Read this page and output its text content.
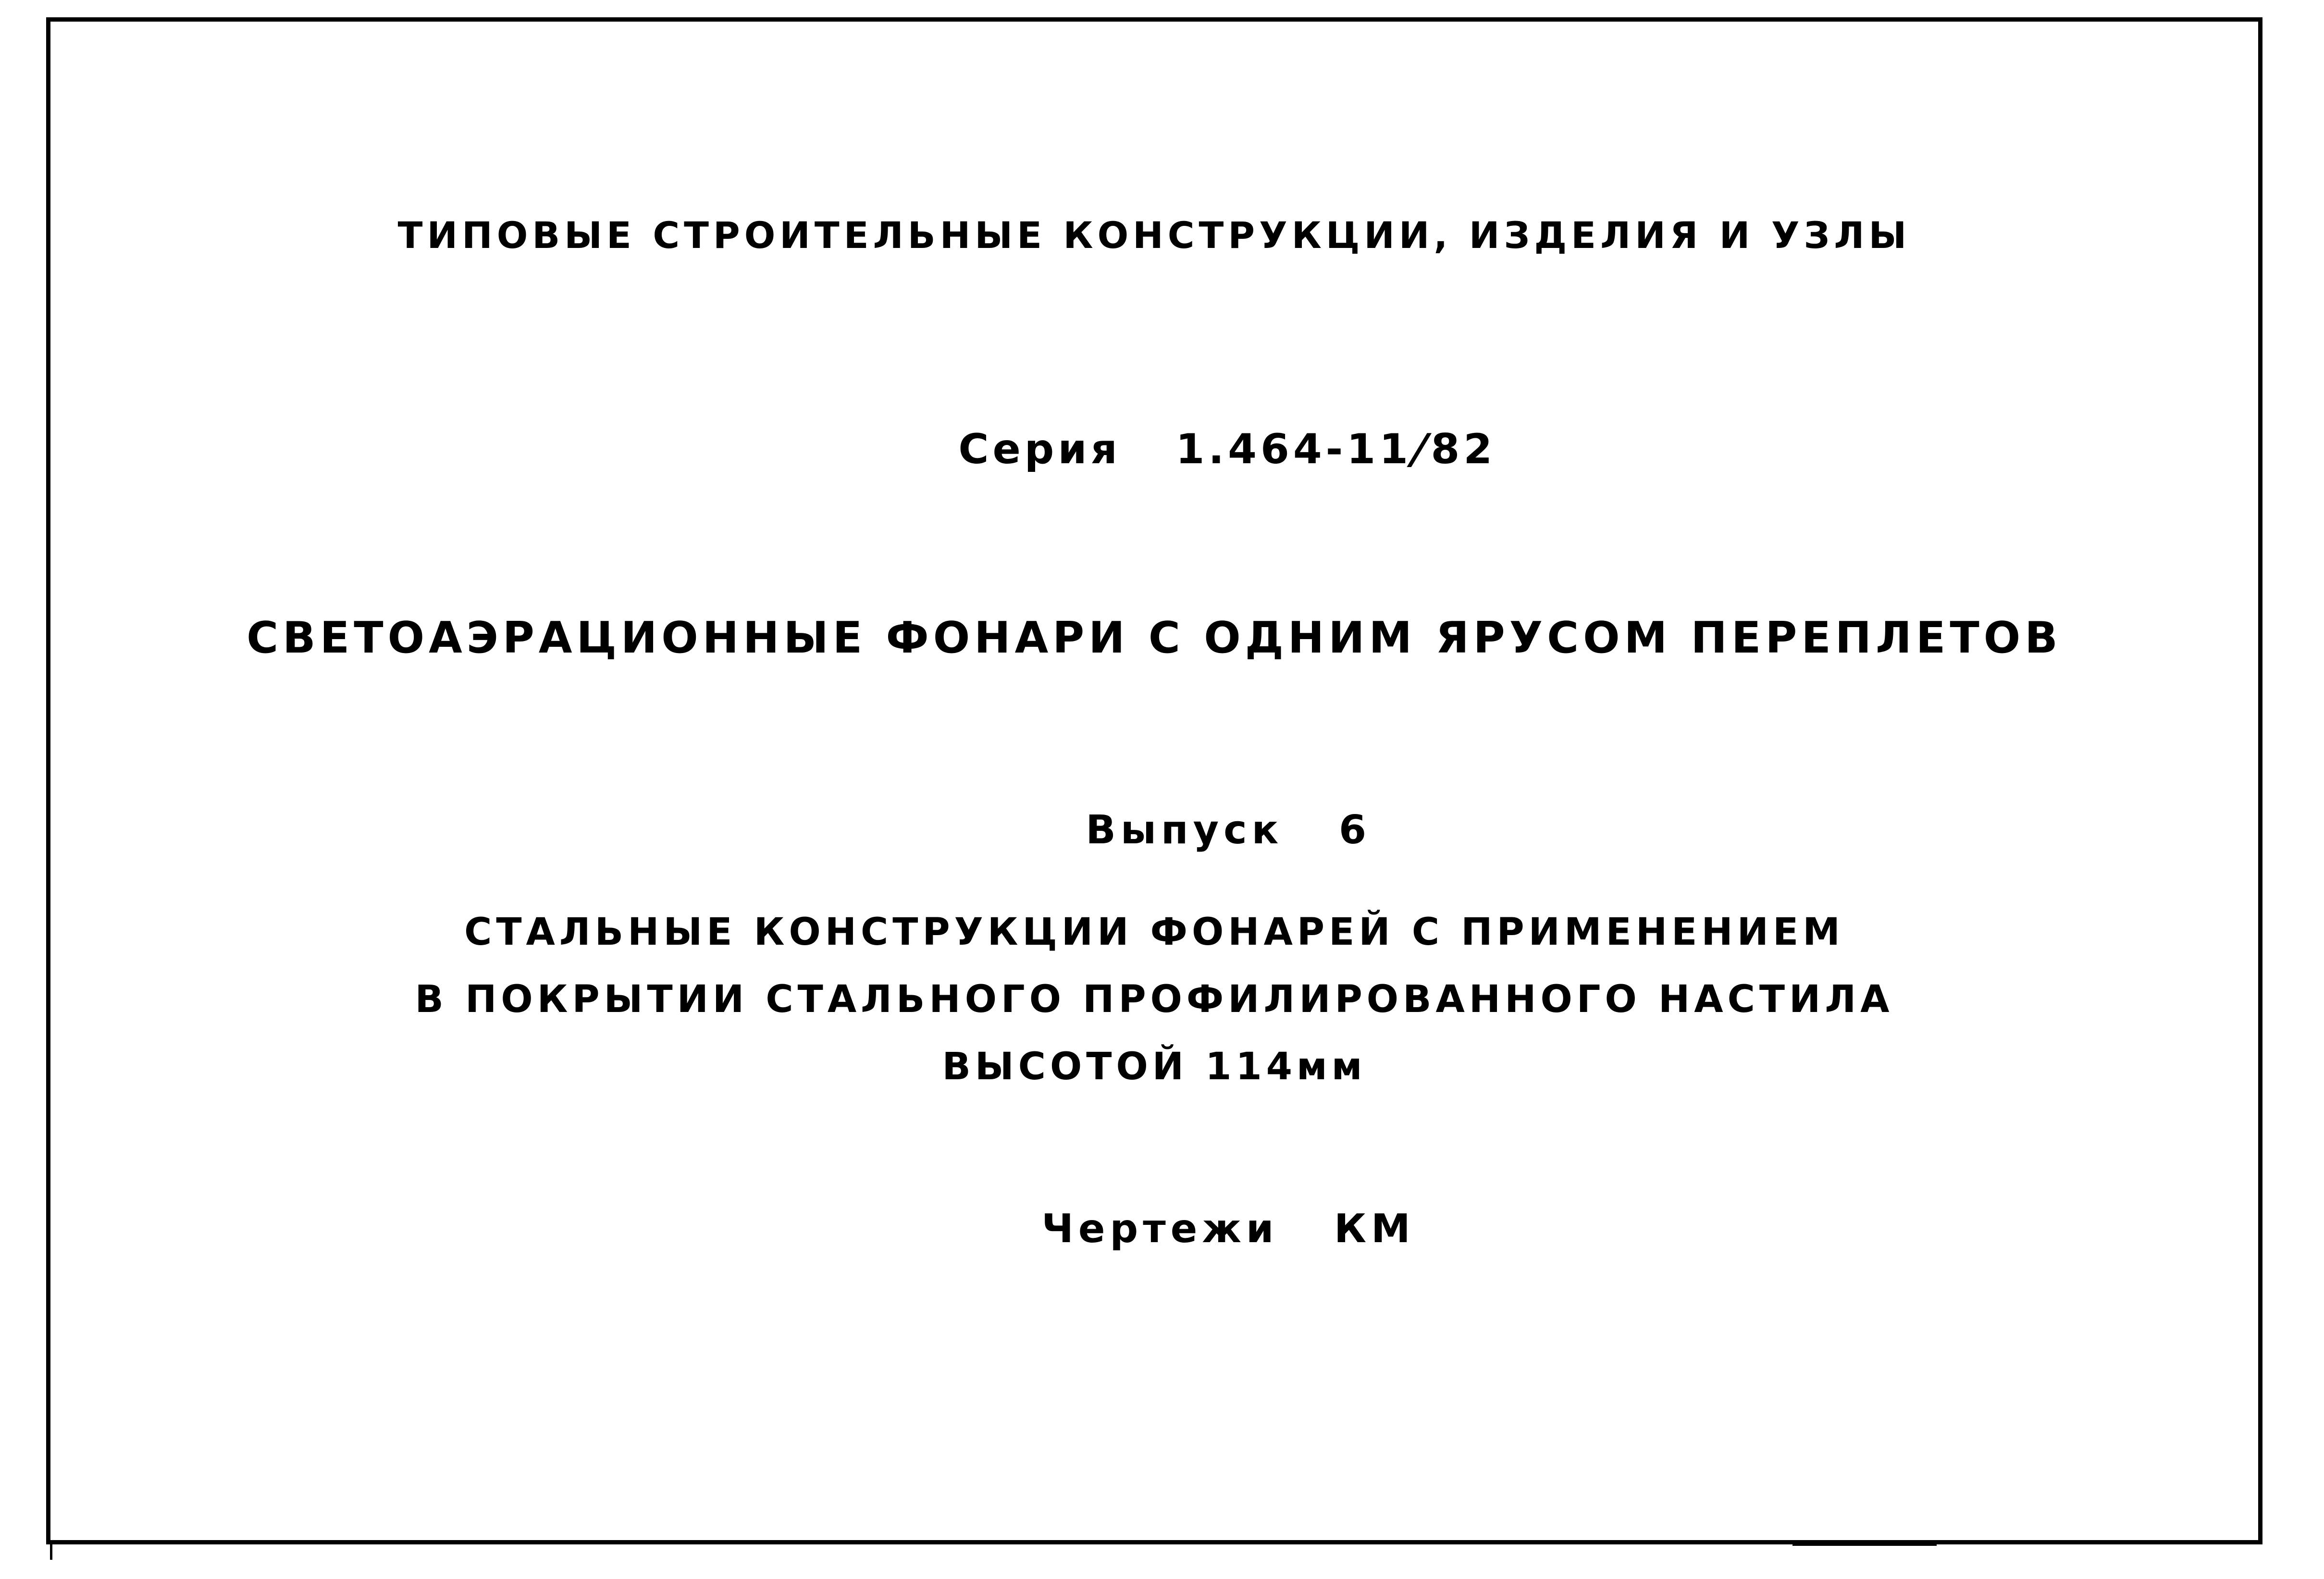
ТИПОВЫЕ СТРОИТЕЛЬНЫЕ КОНСТРУКЦИИ, ИЗДЕЛИЯ И УЗЛЫ

Серия 1.464-11/82

СВЕТОАЭРАЦИОННЫЕ ФОНАРИ С ОДНИМ ЯРУСОМ ПЕРЕПЛЕТОВ

Выпуск 6

СТАЛЬНЫЕ КОНСТРУКЦИИ ФОНАРЕЙ С ПРИМЕНЕНИЕМ
В ПОКРЫТИИ СТАЛЬНОГО ПРОФИЛИРОВАННОГО НАСТИЛА
ВЫСОТОЙ 114мм

Чертежи КМ
